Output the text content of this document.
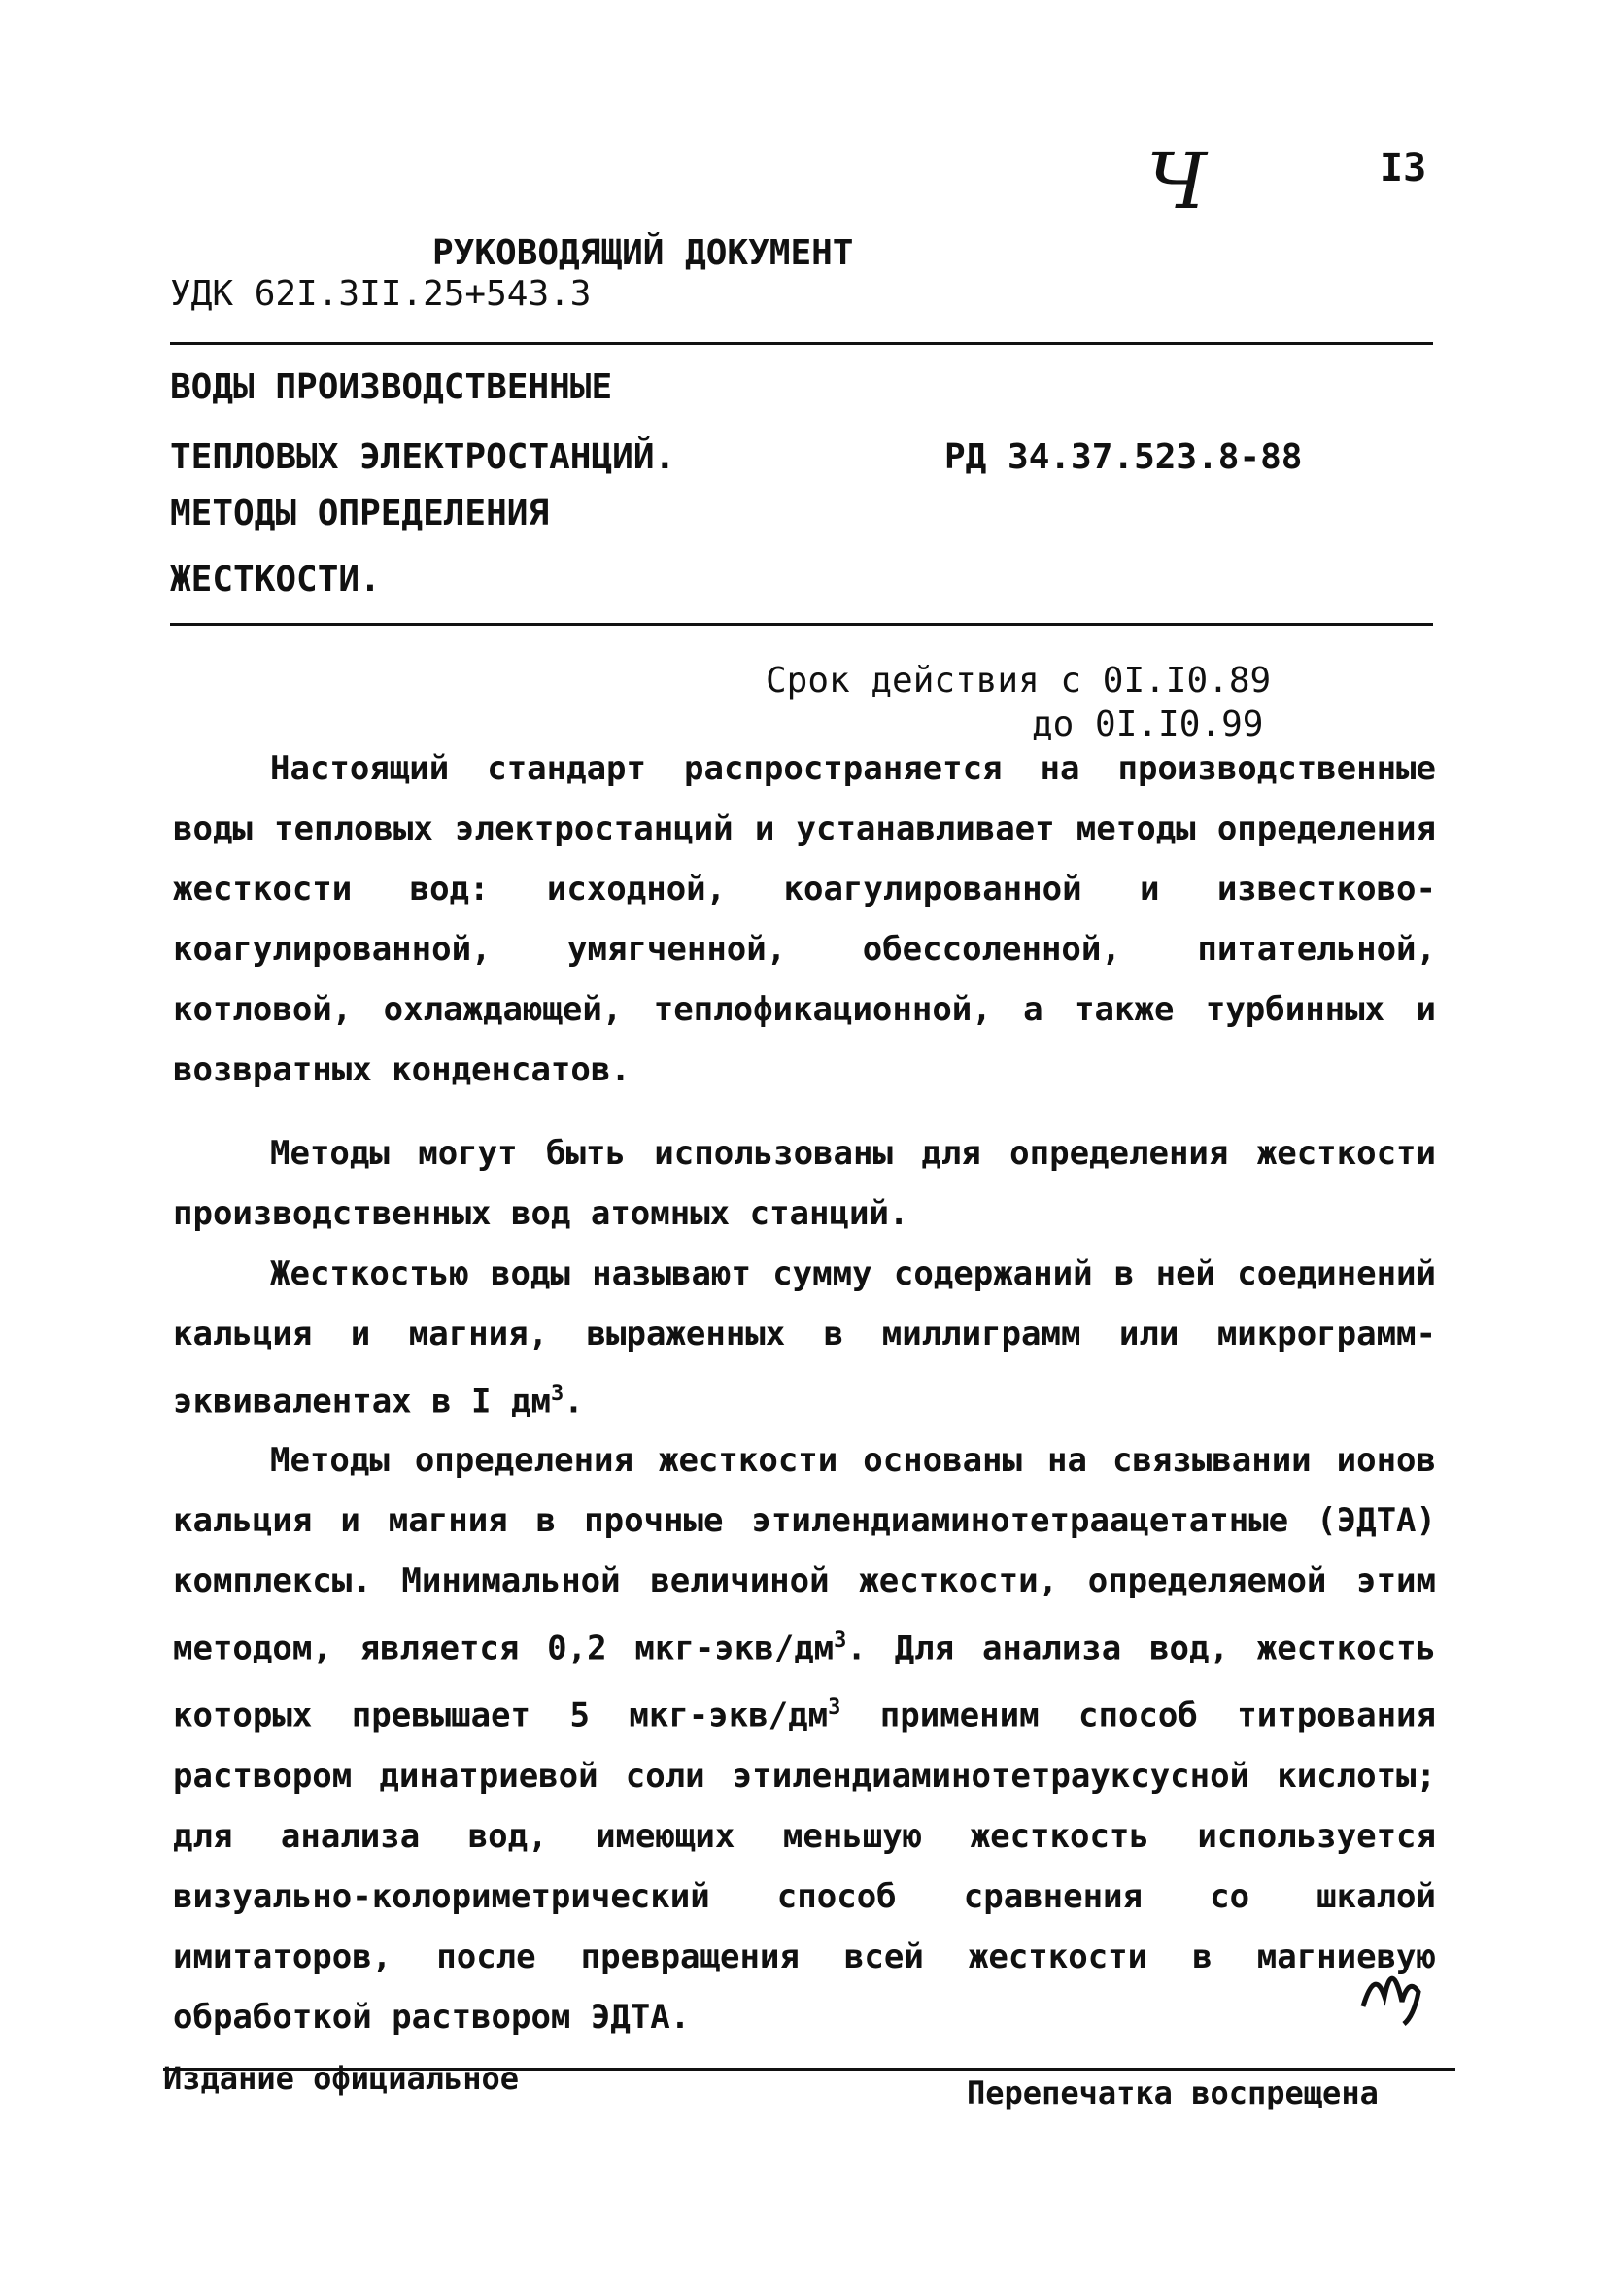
Ч	I3
РУКОВОДЯЩИЙ ДОКУМЕНТ
УДК 62I.3II.25+543.3
ВОДЫ ПРОИЗВОДСТВЕННЫЕ
ТЕПЛОВЫХ ЭЛЕКТРОСТАНЦИЙ.
МЕТОДЫ ОПРЕДЕЛЕНИЯ
ЖЕСТКОСТИ.
РД 34.37.523.8-88
Срок действия с 0I.I0.89
до 0I.I0.99
Настоящий стандарт распространяется на производственные воды тепловых электростанций и устанавливает методы определения жесткости вод: исходной, коагулированной и известково-коагулированной, умягченной, обессоленной, питательной, котловой, охлаждающей, теплофикационной, а также турбинных и возвратных конденсатов.
Методы могут быть использованы для определения жесткости производственных вод атомных станций.
Жесткостью воды называют сумму содержаний в ней соединений кальция и магния, выраженных в миллиграмм или микрограмм-эквивалентах в I $дм^3$.
Методы определения жесткости основаны на связывании ионов кальция и магния в прочные этилендиаминотетраацетатные (ЭДТА) комплексы. Минимальной величиной жесткости, определяемой этим методом, является 0,2 мкг-$экв/дм^3$. Для анализа вод, жесткость которых превышает 5 мкг-$экв/дм^3$ применим способ титрования раствором динатриевой соли этилендиаминотетрауксусной кислоты; для анализа вод, имеющих меньшую жесткость используется визуально-колориметрический способ сравнения со шкалой имитаторов, после превращения всей жесткости в магниевую обработкой раствором ЭДТА.
Издание официальное	Перепечатка воспрещена
